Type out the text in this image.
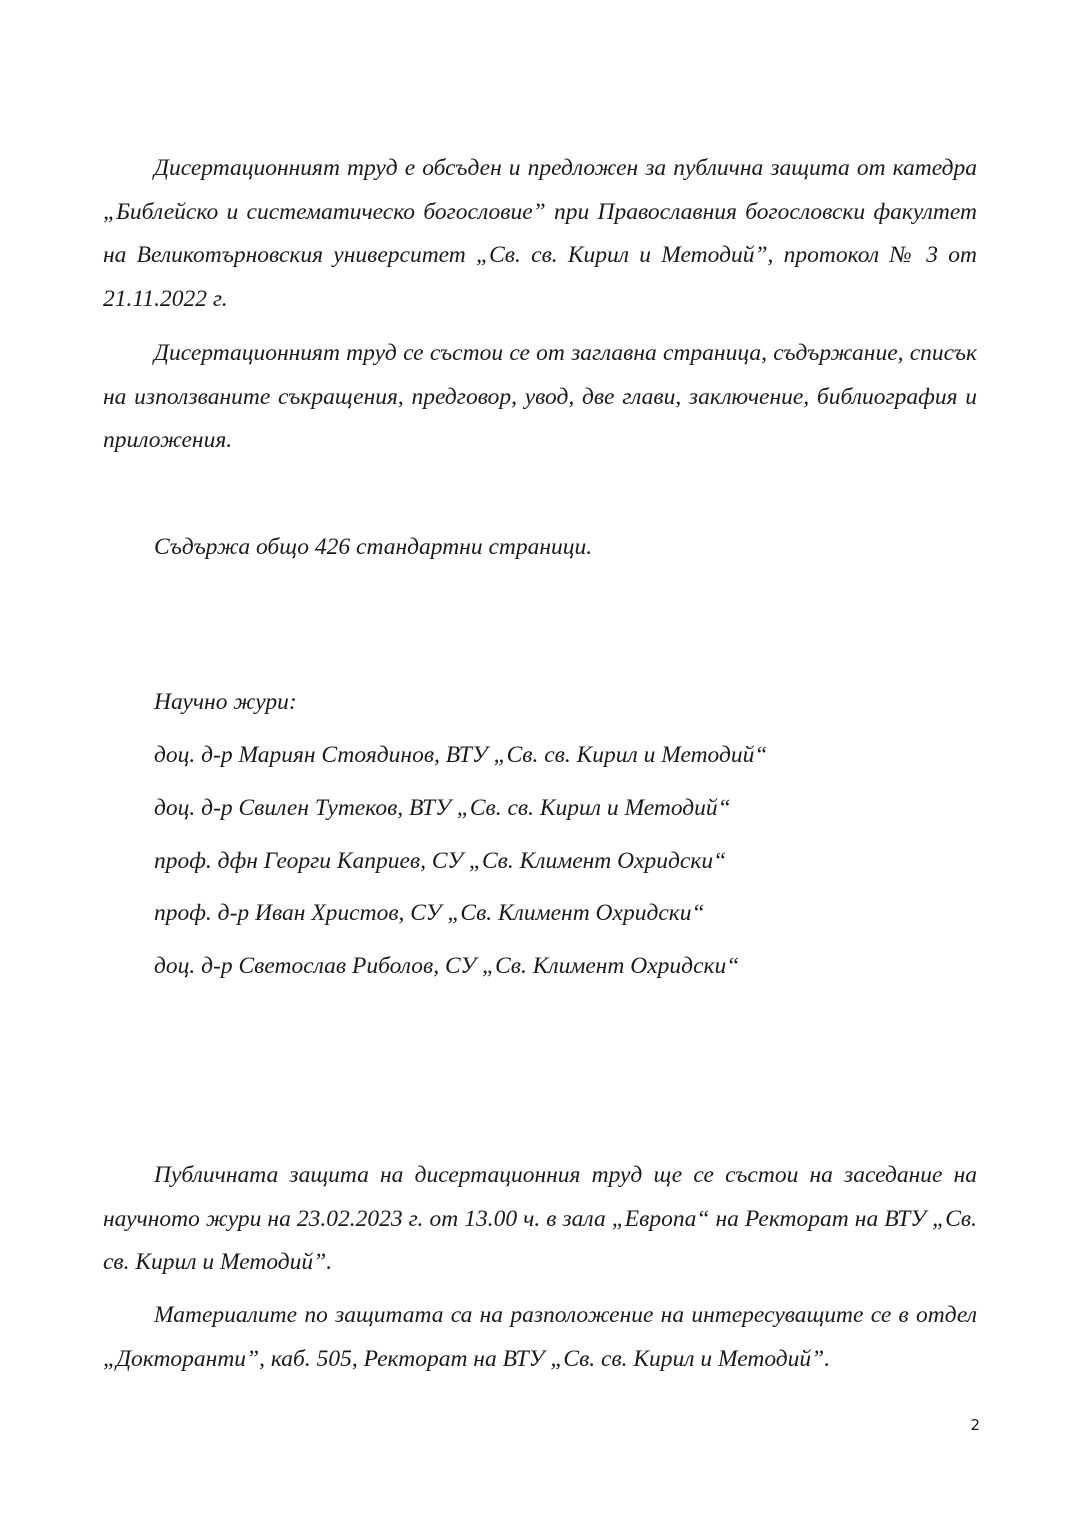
Дисертационният труд е обсъден и предложен за публична защита от катедра „Библейско и систематическо богословие” при Православния богословски факултет на Великотърновския университет „Св. св. Кирил и Методий”, протокол № 3 от 21.11.2022 г.

Дисертационният труд се състои се от заглавна страница, съдържание, списък на използваните съкращения, предговор, увод, две глави, заключение, библиография и приложения.

Съдържа общо 426 стандартни страници.

Научно жури:

доц. д-р Мариян Стоядинов, ВТУ „Св. св. Кирил и Методий“

доц. д-р Свилен Тутеков, ВТУ „Св. св. Кирил и Методий“

проф. дфн Георги Каприев, СУ „Св. Климент Охридски“

проф. д-р Иван Христов, СУ „Св. Климент Охридски“

доц. д-р Светослав Риболов, СУ „Св. Климент Охридски“

Публичната защита на дисертационния труд ще се състои на заседание на научното жури на 23.02.2023 г. от 13.00 ч. в зала „Европа“ на Ректорат на ВТУ „Св. св. Кирил и Методий”.

Материалите по защитата са на разположение на интересуващите се в отдел „Докторанти”, каб. 505, Ректорат на ВТУ „Св. св. Кирил и Методий”.

2
